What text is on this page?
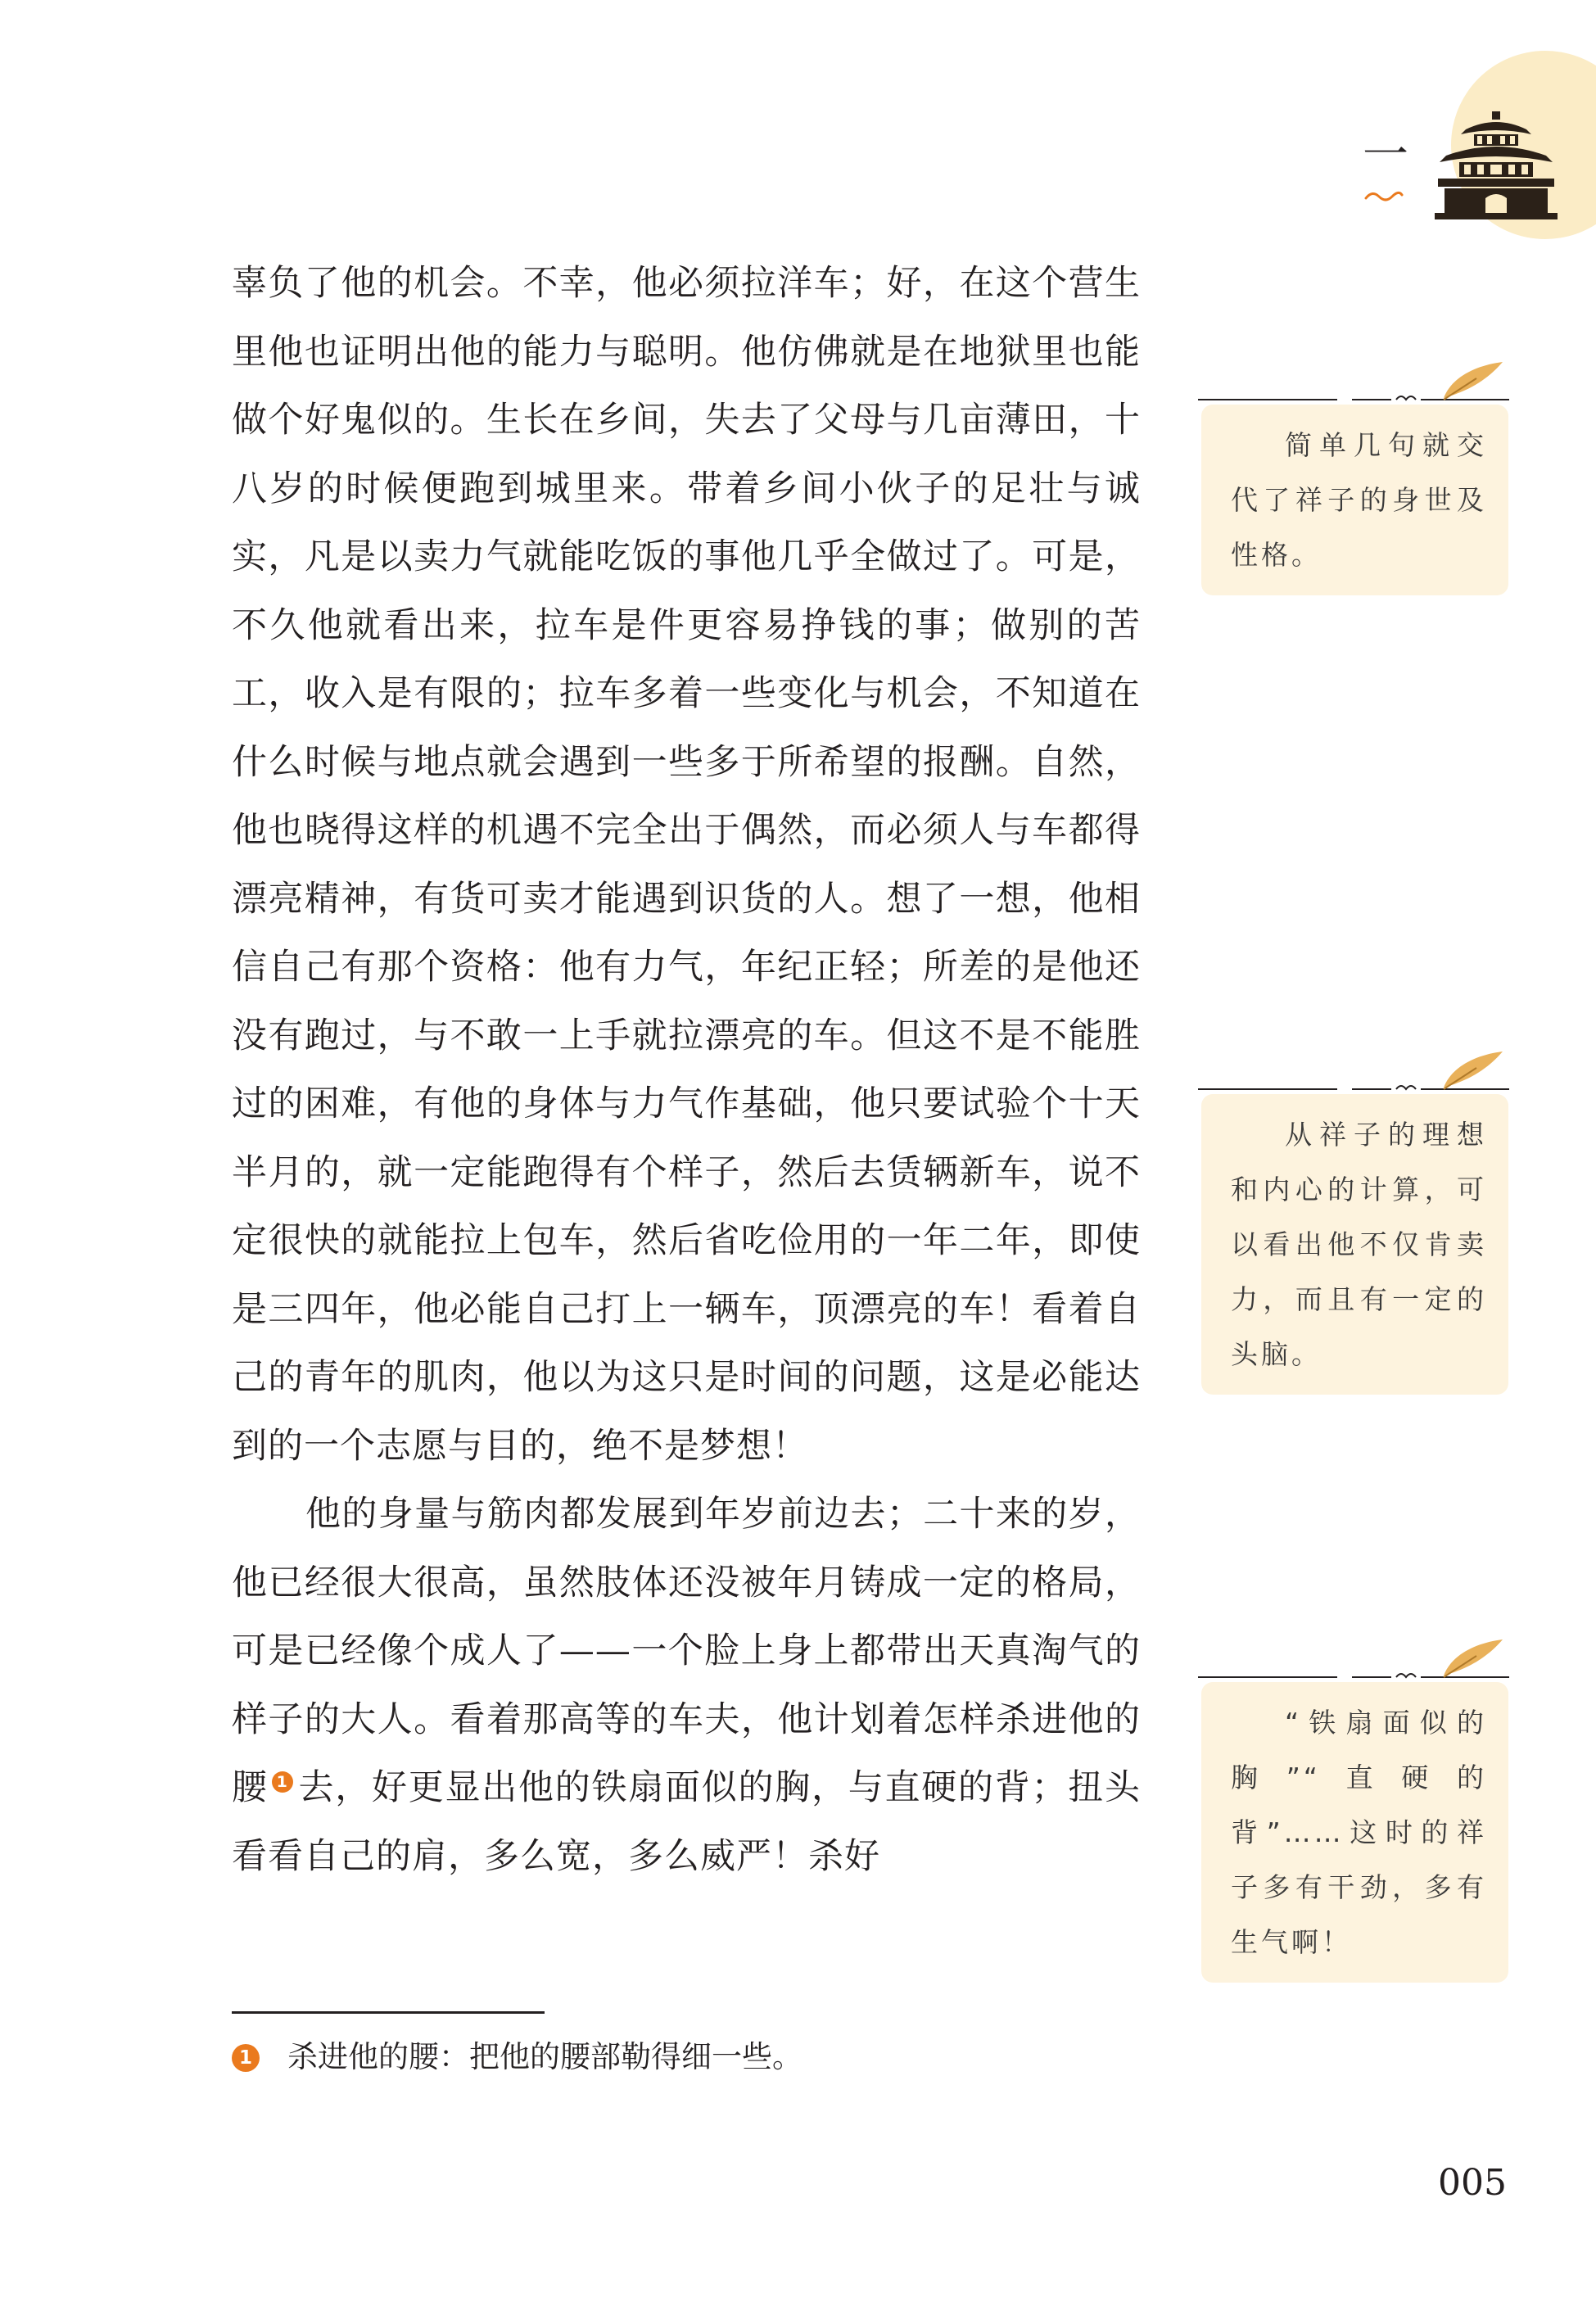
一

辜负了他的机会。不幸，他必须拉洋车；好，在这个营生里他也证明出他的能力与聪明。他仿佛就是在地狱里也能做个好鬼似的。生长在乡间，失去了父母与几亩薄田，十八岁的时候便跑到城里来。带着乡间小伙子的足壮与诚实，凡是以卖力气就能吃饭的事他几乎全做过了。可是，不久他就看出来，拉车是件更容易挣钱的事；做别的苦工，收入是有限的；拉车多着一些变化与机会，不知道在什么时候与地点就会遇到一些多于所希望的报酬。自然，他也晓得这样的机遇不完全出于偶然，而必须人与车都得漂亮精神，有货可卖才能遇到识货的人。想了一想，他相信自己有那个资格：他有力气，年纪正轻；所差的是他还没有跑过，与不敢一上手就拉漂亮的车。但这不是不能胜过的困难，有他的身体与力气作基础，他只要试验个十天半月的，就一定能跑得有个样子，然后去赁辆新车，说不定很快的就能拉上包车，然后省吃俭用的一年二年，即使是三四年，他必能自己打上一辆车，顶漂亮的车！看着自己的青年的肌肉，他以为这只是时间的问题，这是必能达到的一个志愿与目的，绝不是梦想！

他的身量与筋肉都发展到年岁前边去；二十来的岁，他已经很大很高，虽然肢体还没被年月铸成一定的格局，可是已经像个成人了——一个脸上身上都带出天真淘气的样子的大人。看着那高等的车夫，他计划着怎样杀进他的腰 1 去，好更显出他的铁扇面似的胸，与直硬的背；扭头看看自己的肩，多么宽，多么威严！杀好

简单几句就交代了祥子的身世及性格。
从祥子的理想和内心的计算，可以看出他不仅肯卖力，而且有一定的头脑。
“铁扇面似的胸”“直硬的背”……这时的祥子多有干劲，多有生气啊！
1 杀进他的腰：把他的腰部勒得细一些。
005
